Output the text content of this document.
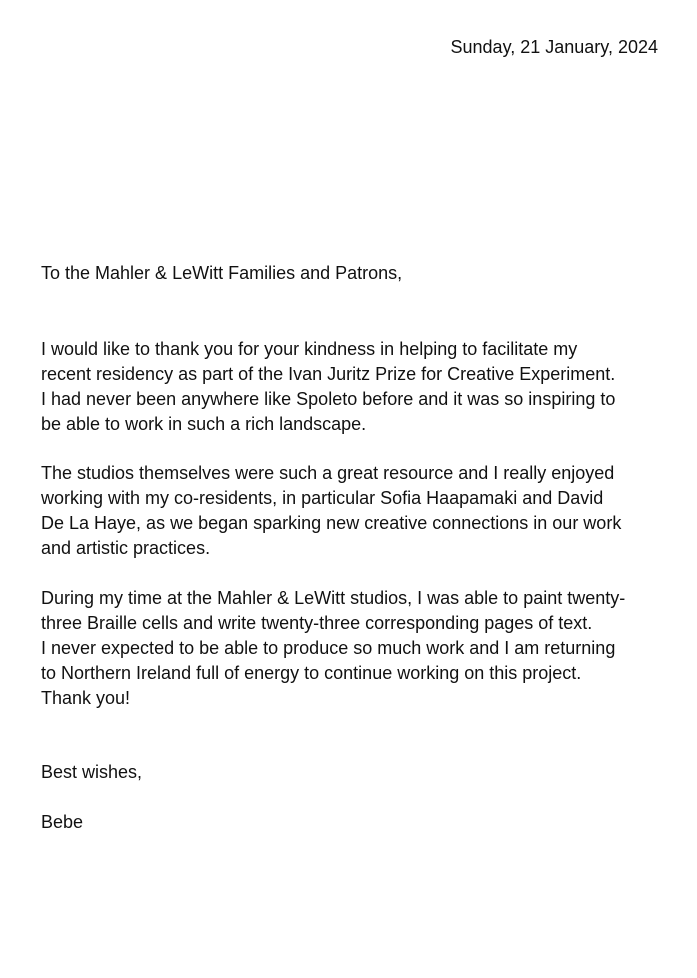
Sunday, 21 January, 2024
To the Mahler & LeWitt Families and Patrons,

I would like to thank you for your kindness in helping to facilitate my
recent residency as part of the Ivan Juritz Prize for Creative Experiment.
I had never been anywhere like Spoleto before and it was so inspiring to
be able to work in such a rich landscape.

The studios themselves were such a great resource and I really enjoyed
working with my co-residents, in particular Sofia Haapamaki and David
De La Haye, as we began sparking new creative connections in our work
and artistic practices.

During my time at the Mahler & LeWitt studios, I was able to paint twenty-
three Braille cells and write twenty-three corresponding pages of text.
I never expected to be able to produce so much work and I am returning
to Northern Ireland full of energy to continue working on this project.
Thank you!

Best wishes,
Bebe
